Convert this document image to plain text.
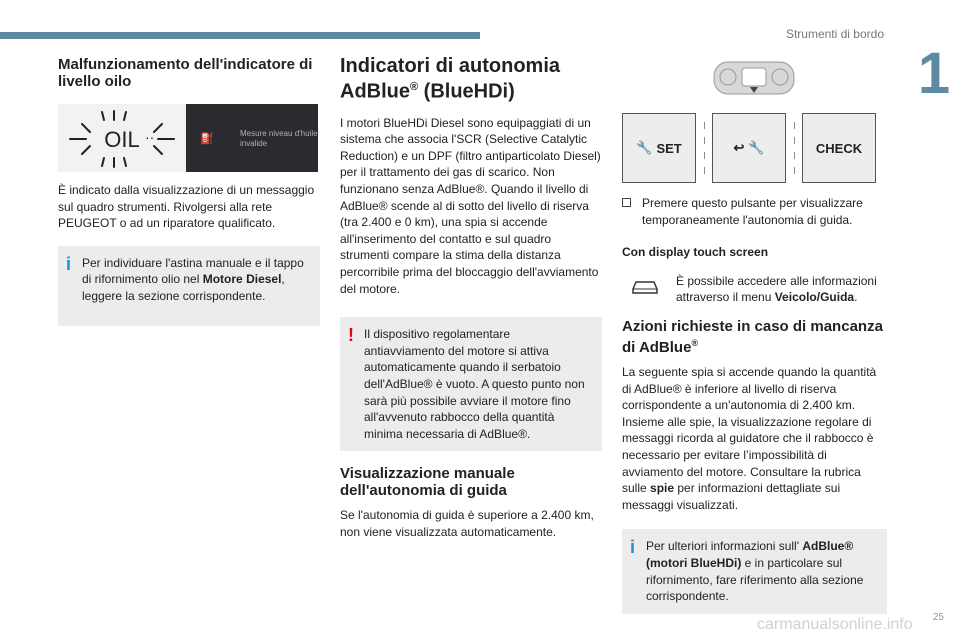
Strumenti di bordo
1
25
carmanualsonline.info
Malfunzionamento dell'indicatore di livello oilo
OIL ··	⛽	Mesure niveau d'huile invalide

È indicato dalla visualizzazione di un messaggio sul quadro strumenti. Rivolgersi alla rete PEUGEOT o ad un riparatore qualificato.

i Per individuare l'astina manuale e il tappo di rifornimento olio nel Motore Diesel, leggere la sezione corrispondente.

Indicatori di autonomia
AdBlue® (BlueHDi)

I motori BlueHDi Diesel sono equipaggiati di un sistema che associa l'SCR (Selective Catalytic Reduction) e un DPF (filtro antiparticolato Diesel) per il trattamento dei gas di scarico. Non funzionano senza AdBlue®. Quando il livello di AdBlue® scende al di sotto del livello di riserva (tra 2.400 e 0 km), una spia si accende all'inserimento del contatto e sul quadro strumenti compare la stima della distanza percorribile prima del bloccaggio dell'avviamento del motore.

! Il dispositivo regolamentare antiavviamento del motore si attiva automaticamente quando il serbatoio dell'AdBlue® è vuoto. A questo punto non sarà più possibile avviare il motore fino all'avvenuto rabbocco della quantità minima necessaria di AdBlue®.

Visualizzazione manuale dell'autonomia di guida

Se l'autonomia di guida è superiore a 2.400 km, non viene visualizzata automaticamente.

🔧 SET	↩ 🔧	CHECK

Premere questo pulsante per visualizzare temporaneamente l'autonomia di guida.

Con display touch screen

È possibile accedere alle informazioni attraverso il menu Veicolo/Guida.

Azioni richieste in caso di mancanza di AdBlue®

La seguente spia si accende quando la quantità di AdBlue® è inferiore al livello di riserva corrispondente a un'autonomia di 2.400 km.

Insieme alle spie, la visualizzazione regolare di messaggi ricorda al guidatore che il rabbocco è necessario per evitare l’impossibilità di avviamento del motore. Consultare la rubrica sulle spie per informazioni dettagliate sui messaggi visualizzati.

i Per ulteriori informazioni sull' AdBlue® (motori BlueHDi) e in particolare sul rifornimento, fare riferimento alla sezione corrispondente.
